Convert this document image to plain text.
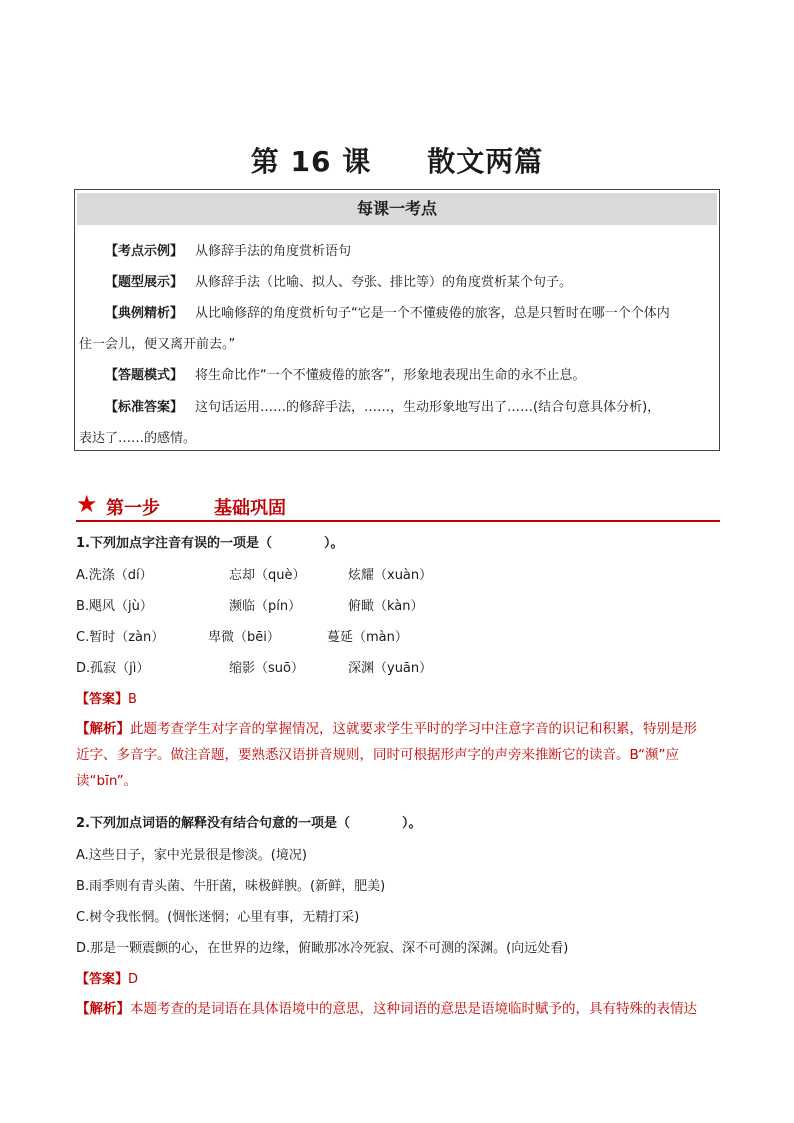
第 16 课 散文两篇
每课一考点
【考点示例】 从修辞手法的角度赏析语句
【题型展示】 从修辞手法（比喻、拟人、夸张、排比等）的角度赏析某个句子。
【典例精析】 从比喻修辞的角度赏析句子“它是一个不懂疲倦的旅客，总是只暂时在哪一个个体内
住一会儿，便又离开前去。”
【答题模式】 将生命比作“一个不懂疲倦的旅客”，形象地表现出生命的永不止息。
【标准答案】 这句话运用……的修辞手法，……，生动形象地写出了……(结合句意具体分析)，
表达了……的感情。
★ 第一步	基础巩固
1.下列加点字注音有误的一项是（　　　　）。
A.洗涤（dí）	忘却（què）	炫耀（xuàn）
B.飓风（jù）	濒临（pín）	俯瞰（kàn）
C.暂时（zàn）	卑微（bēi）	蔓延（màn）
D.孤寂（jì）	缩影（suō）	深渊（yuān）
【答案】B
【解析】此题考查学生对字音的掌握情况，这就要求学生平时的学习中注意字音的识记和积累，特别是形
近字、多音字。做注音题，要熟悉汉语拼音规则，同时可根据形声字的声旁来推断它的读音。B“濒”应
读“bīn”。
2.下列加点词语的解释没有结合句意的一项是（　　　　）。
A.这些日子，家中光景很是惨淡。(境况)
B.雨季则有青头菌、牛肝菌，味极鲜腴。(新鲜，肥美)
C.树令我怅惘。(惆怅迷惘；心里有事，无精打采)
D.那是一颗震颤的心，在世界的边缘，俯瞰那冰冷死寂、深不可测的深渊。(向远处看)
【答案】D
【解析】本题考查的是词语在具体语境中的意思，这种词语的意思是语境临时赋予的，具有特殊的表情达
